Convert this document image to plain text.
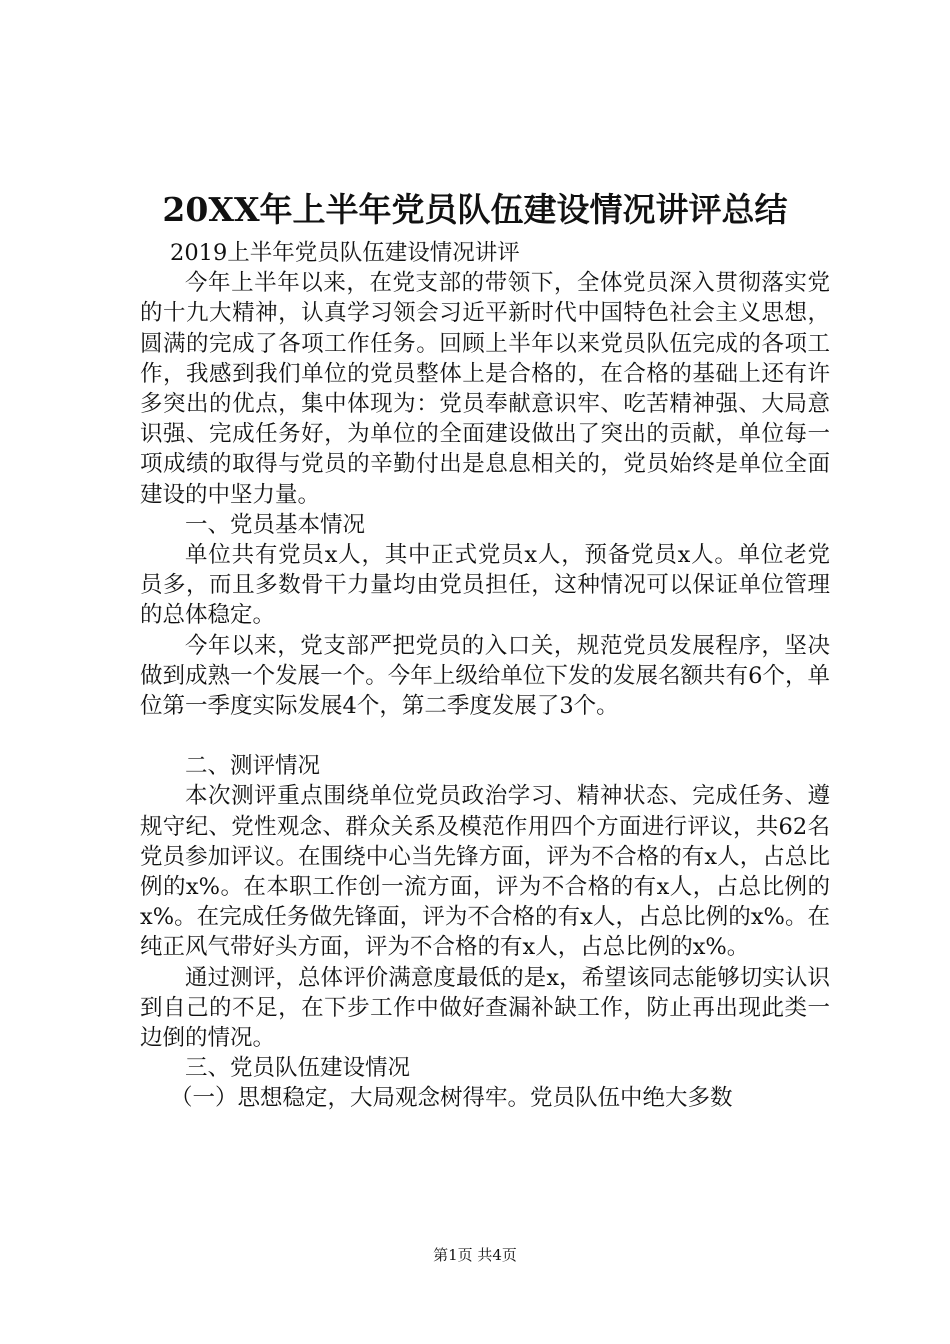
20XX年上半年党员队伍建设情况讲评总结

2019上半年党员队伍建设情况讲评

今年上半年以来，在党支部的带领下，全体党员深入贯彻落实党的十九大精神，认真学习领会习近平新时代中国特色社会主义思想，圆满的完成了各项工作任务。回顾上半年以来党员队伍完成的各项工作，我感到我们单位的党员整体上是合格的，在合格的基础上还有许多突出的优点，集中体现为：党员奉献意识牢、吃苦精神强、大局意识强、完成任务好，为单位的全面建设做出了突出的贡献，单位每一项成绩的取得与党员的辛勤付出是息息相关的，党员始终是单位全面建设的中坚力量。

一、党员基本情况

单位共有党员x人，其中正式党员x人，预备党员x人。单位老党员多，而且多数骨干力量均由党员担任，这种情况可以保证单位管理的总体稳定。

今年以来，党支部严把党员的入口关，规范党员发展程序，坚决做到成熟一个发展一个。今年上级给单位下发的发展名额共有6个，单位第一季度实际发展4个，第二季度发展了3个。

二、测评情况

本次测评重点围绕单位党员政治学习、精神状态、完成任务、遵规守纪、党性观念、群众关系及模范作用四个方面进行评议，共62名党员参加评议。在围绕中心当先锋方面，评为不合格的有x人，占总比例的x%。在本职工作创一流方面，评为不合格的有x人，占总比例的x%。在完成任务做先锋面，评为不合格的有x人，占总比例的x%。在纯正风气带好头方面，评为不合格的有x人，占总比例的x%。

通过测评，总体评价满意度最低的是x，希望该同志能够切实认识到自己的不足，在下步工作中做好查漏补缺工作，防止再出现此类一边倒的情况。

三、党员队伍建设情况

（一）思想稳定，大局观念树得牢。党员队伍中绝大多数

第1页 共4页
